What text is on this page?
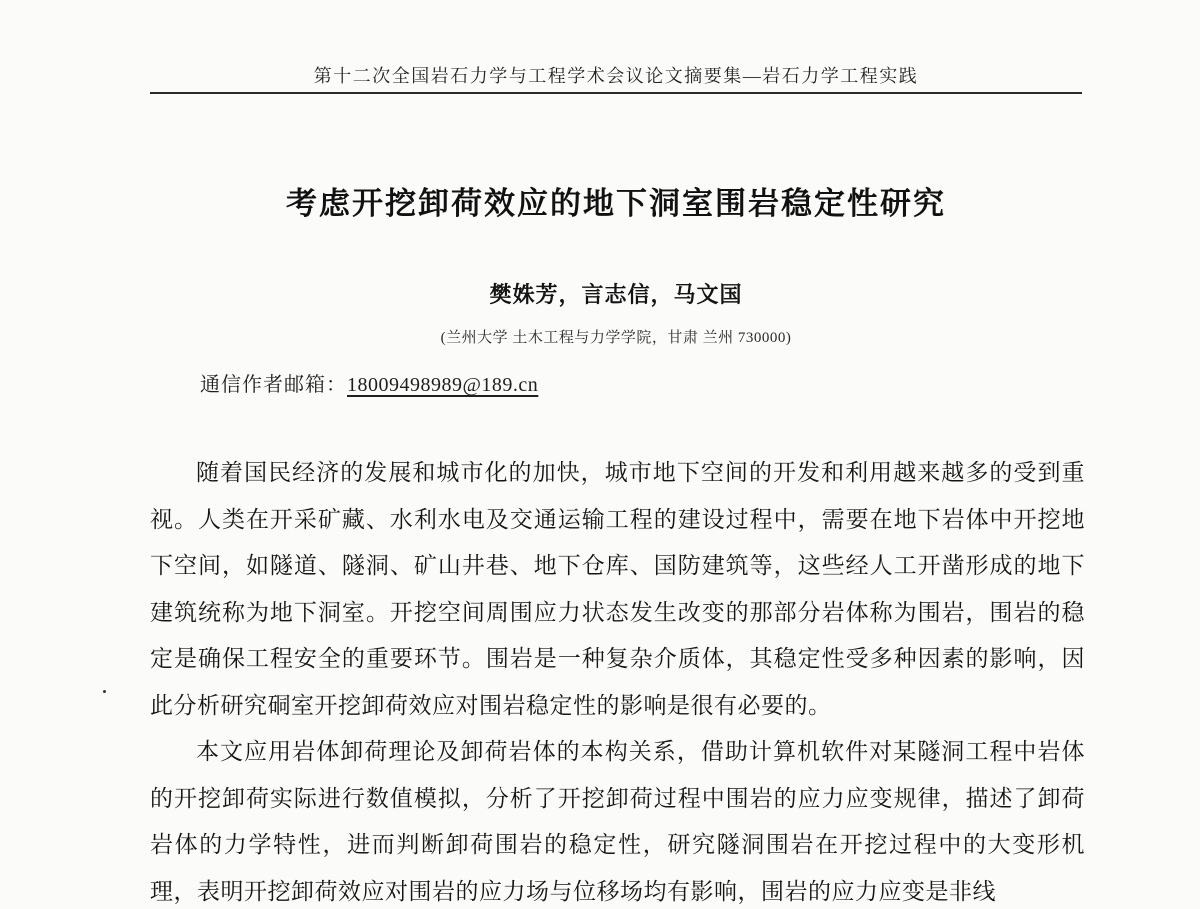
第十二次全国岩石力学与工程学术会议论文摘要集—岩石力学工程实践
考虑开挖卸荷效应的地下洞室围岩稳定性研究
樊姝芳，言志信，马文国
(兰州大学 土木工程与力学学院，甘肃 兰州 730000)
通信作者邮箱：18009498989@189.cn

随着国民经济的发展和城市化的加快，城市地下空间的开发和利用越来越多的受到重视。人类在开采矿藏、水利水电及交通运输工程的建设过程中，需要在地下岩体中开挖地下空间，如隧道、隧洞、矿山井巷、地下仓库、国防建筑等，这些经人工开凿形成的地下建筑统称为地下洞室。开挖空间周围应力状态发生改变的那部分岩体称为围岩，围岩的稳定是确保工程安全的重要环节。围岩是一种复杂介质体，其稳定性受多种因素的影响，因此分析研究硐室开挖卸荷效应对围岩稳定性的影响是很有必要的。

本文应用岩体卸荷理论及卸荷岩体的本构关系，借助计算机软件对某隧洞工程中岩体的开挖卸荷实际进行数值模拟，分析了开挖卸荷过程中围岩的应力应变规律，描述了卸荷岩体的力学特性，进而判断卸荷围岩的稳定性，研究隧洞围岩在开挖过程中的大变形机理，表明开挖卸荷效应对围岩的应力场与位移场均有影响，围岩的应力应变是非线
